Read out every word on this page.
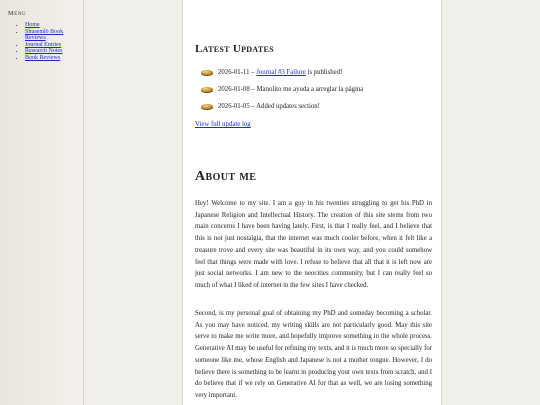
Menu
• Home
• Shusemlō Book Reviews
• Journal Entries
• Research Notes
• Book Reviews
Latest Updates
2026-01-11 – Journal #3 Failure is published!
2026-01-08 – Manolito me ayuda a arreglar la página
2026-01-05 – Added updates section!
View full update log
About me

Hey! Welcome to my site. I am a guy in his twenties struggling to get his PhD in Japanese Religion and Intellectual History. The creation of this site stems from two main concerns I have been having lately. First, is that I really feel, and I believe that this is not just nostalgia, that the internet was much cooler before, when it felt like a treasure trove and every site was beautiful in its own way, and you could somehow feel that things were made with love. I refuse to believe that all that it is left now are just social networks. I am new to the neocities community, but I can really feel so much of what I liked of internet in the few sites I have checked.

Second, is my personal goal of obtaining my PhD and someday becoming a scholar. As you may have noticed, my writing skills are not particularly good. May this site serve to make me write more, and hopefully improve something in the whole process. Generative AI may be useful for refining my texts, and it is much more so specially for someone like me, whose English and Japanese is not a mother tongue. However, I do believe there is something to be learnt in producing your own texts from scratch, and I do believe that if we rely on Generative AI for that as well, we are losing something very important.
